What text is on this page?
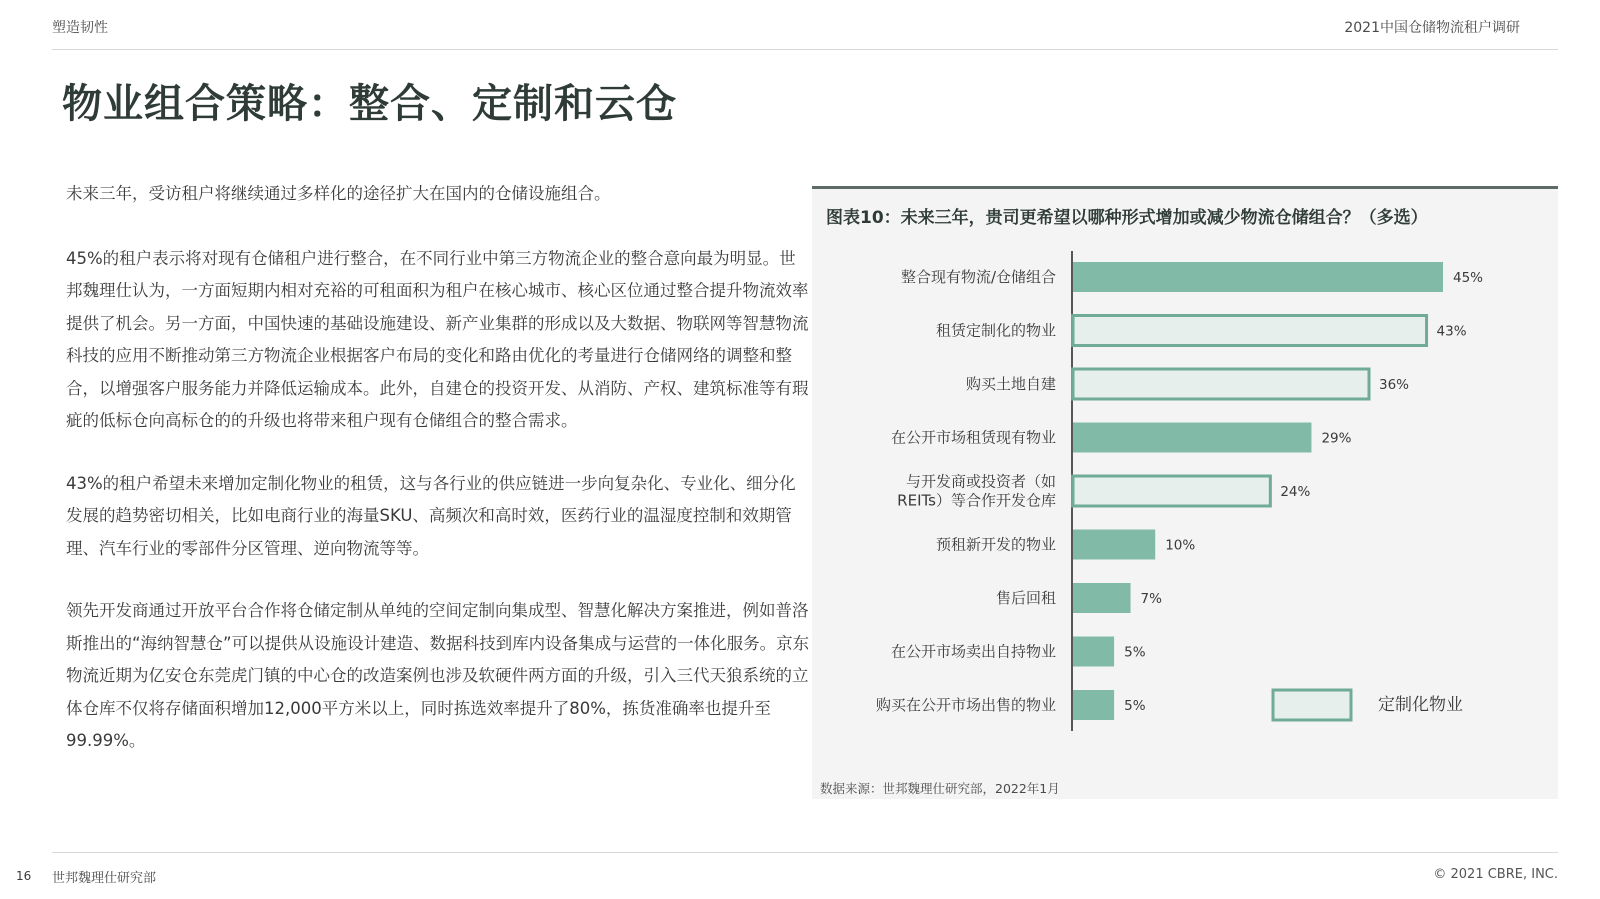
塑造韧性	2021中国仓储物流租户调研
物业组合策略：整合、定制和云仓

未来三年，受访租户将继续通过多样化的途径扩大在国内的仓储设施组合。

45%的租户表示将对现有仓储租户进行整合，在不同行业中第三方物流企业的整合意向最为明显。世邦魏理仕认为，一方面短期内相对充裕的可租面积为租户在核心城市、核心区位通过整合提升物流效率提供了机会。另一方面，中国快速的基础设施建设、新产业集群的形成以及大数据、物联网等智慧物流科技的应用不断推动第三方物流企业根据客户布局的变化和路由优化的考量进行仓储网络的调整和整合，以增强客户服务能力并降低运输成本。此外，自建仓的投资开发、从消防、产权、建筑标准等有瑕疵的低标仓向高标仓的的升级也将带来租户现有仓储组合的整合需求。

43%的租户希望未来增加定制化物业的租赁，这与各行业的供应链进一步向复杂化、专业化、细分化发展的趋势密切相关，比如电商行业的海量SKU、高频次和高时效，医药行业的温湿度控制和效期管理、汽车行业的零部件分区管理、逆向物流等等。

领先开发商通过开放平台合作将仓储定制从单纯的空间定制向集成型、智慧化解决方案推进，例如普洛斯推出的“海纳智慧仓”可以提供从设施设计建造、数据科技到库内设备集成与运营的一体化服务。京东物流近期为亿安仓东莞虎门镇的中心仓的改造案例也涉及软硬件两方面的升级，引入三代天狼系统的立体仓库不仅将存储面积增加12,000平方米以上，同时拣选效率提升了80%，拣货准确率也提升至99.99%。

图表10：未来三年，贵司更希望以哪种形式增加或减少物流仓储组合？（多选）
45%
整合现有物流/仓储组合
43%
租赁定制化的物业
36%
购买土地自建
29%
在公开市场租赁现有物业
24%
与开发商或投资者（如
REITs）等合作开发仓库
10%
预租新开发的物业
7%
售后回租
5%
在公开市场卖出自持物业
5%
购买在公开市场出售的物业	定制化物业
数据来源：世邦魏理仕研究部，2022年1月
16 世邦魏理仕研究部	© 2021 CBRE, INC.
